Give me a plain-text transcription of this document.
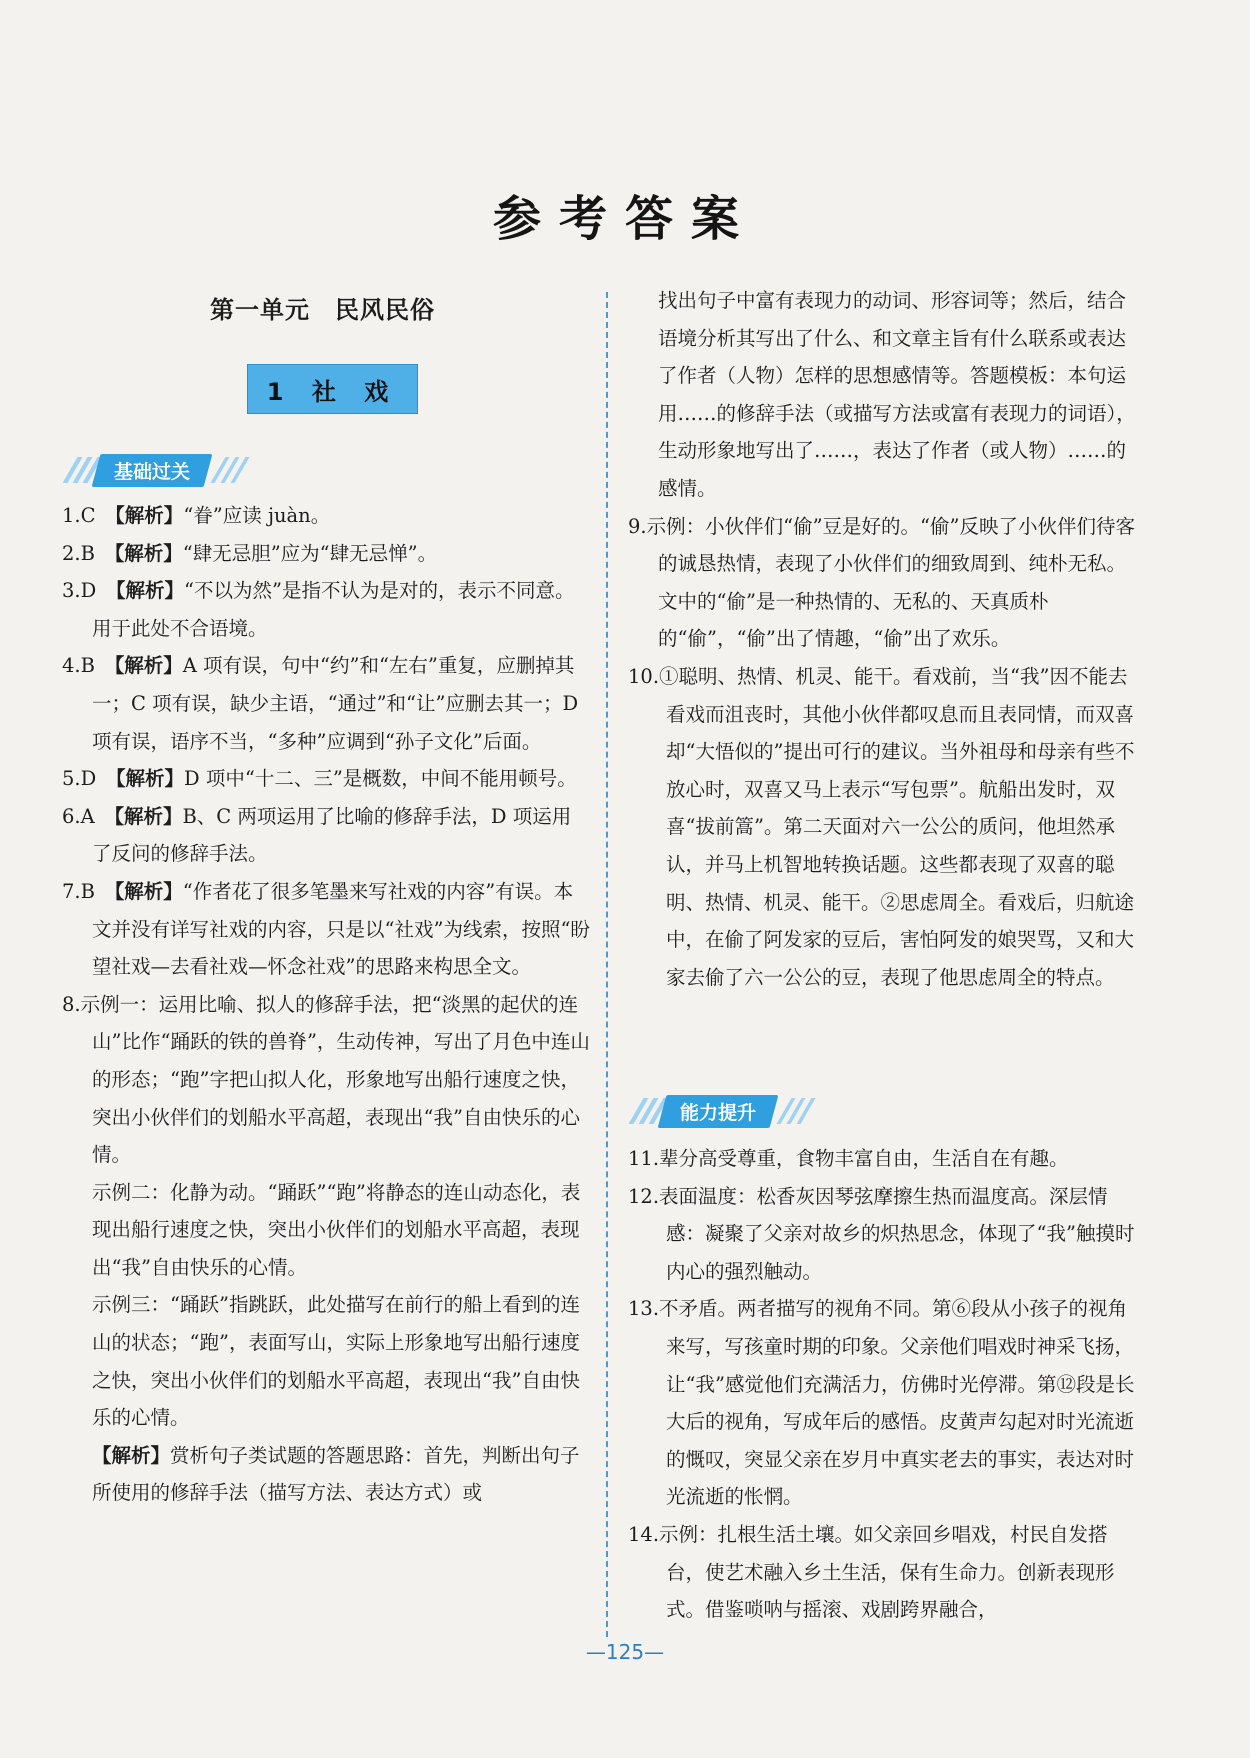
参考答案
第一单元　民风民俗
1 社 戏
基础过关

1.C　 【解析】“眷”应读 juàn。

2.B　 【解析】“肆无忌胆”应为“肆无忌惮”。

3.D　 【解析】“不以为然”是指不认为是对的，表示不同意。用于此处不合语境。

4.B　 【解析】A 项有误，句中“约”和“左右”重复，应删掉其一；C 项有误，缺少主语，“通过”和“让”应删去其一；D 项有误，语序不当，“多种”应调到“孙子文化”后面。

5.D　 【解析】D 项中“十二、三”是概数，中间不能用顿号。

6.A　 【解析】B、C 两项运用了比喻的修辞手法，D 项运用了反问的修辞手法。

7.B　 【解析】“作者花了很多笔墨来写社戏的内容”有误。本文并没有详写社戏的内容，只是以“社戏”为线索，按照“盼望社戏—去看社戏—怀念社戏”的思路来构思全文。

8.示例一：运用比喻、拟人的修辞手法，把“淡黑的起伏的连山”比作“踊跃的铁的兽脊”，生动传神，写出了月色中连山的形态；“跑”字把山拟人化，形象地写出船行速度之快，突出小伙伴们的划船水平高超，表现出“我”自由快乐的心情。

示例二：化静为动。“踊跃”“跑”将静态的连山动态化，表现出船行速度之快，突出小伙伴们的划船水平高超，表现出“我”自由快乐的心情。

示例三：“踊跃”指跳跃，此处描写在前行的船上看到的连山的状态；“跑”，表面写山，实际上形象地写出船行速度之快，突出小伙伴们的划船水平高超，表现出“我”自由快乐的心情。

【解析】赏析句子类试题的答题思路：首先，判断出句子所使用的修辞手法（描写方法、表达方式）或

找出句子中富有表现力的动词、形容词等；然后，结合语境分析其写出了什么、和文章主旨有什么联系或表达了作者（人物）怎样的思想感情等。答题模板：本句运用……的修辞手法（或描写方法或富有表现力的词语），生动形象地写出了……，表达了作者（或人物）……的感情。

9.示例：小伙伴们“偷”豆是好的。“偷”反映了小伙伴们待客的诚恳热情，表现了小伙伴们的细致周到、纯朴无私。文中的“偷”是一种热情的、无私的、天真质朴的“偷”，“偷”出了情趣，“偷”出了欢乐。

10.①聪明、热情、机灵、能干。看戏前，当“我”因不能去看戏而沮丧时，其他小伙伴都叹息而且表同情，而双喜却“大悟似的”提出可行的建议。当外祖母和母亲有些不放心时，双喜又马上表示“写包票”。航船出发时，双喜“拔前篙”。第二天面对六一公公的质问，他坦然承认，并马上机智地转换话题。这些都表现了双喜的聪明、热情、机灵、能干。②思虑周全。看戏后，归航途中，在偷了阿发家的豆后，害怕阿发的娘哭骂，又和大家去偷了六一公公的豆，表现了他思虑周全的特点。

能力提升

11.辈分高受尊重，食物丰富自由，生活自在有趣。

12.表面温度：松香灰因琴弦摩擦生热而温度高。深层情感：凝聚了父亲对故乡的炽热思念，体现了“我”触摸时内心的强烈触动。

13.不矛盾。两者描写的视角不同。第⑥段从小孩子的视角来写，写孩童时期的印象。父亲他们唱戏时神采飞扬，让“我”感觉他们充满活力，仿佛时光停滞。第⑫段是长大后的视角，写成年后的感悟。皮黄声勾起对时光流逝的慨叹，突显父亲在岁月中真实老去的事实，表达对时光流逝的怅惘。

14.示例：扎根生活土壤。如父亲回乡唱戏，村民自发搭台，使艺术融入乡土生活，保有生命力。创新表现形式。借鉴唢呐与摇滚、戏剧跨界融合，

—125—
